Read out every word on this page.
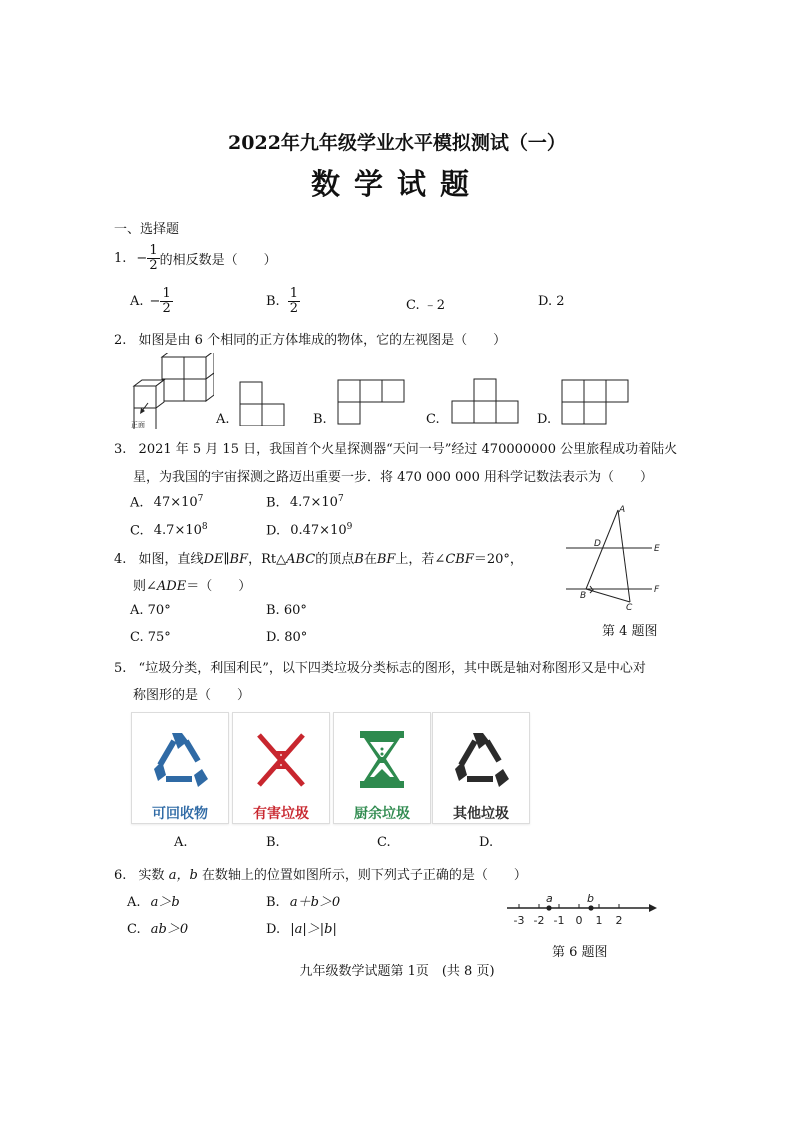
2022年九年级学业水平模拟测试（一）
数学试题
一、选择题
1. − $\frac{1}{2}$ 的相反数是（　　）
A. − $\frac{1}{2}$	B. $\frac{1}{2}$	C. ﹣2	D. 2
2. 如图是由 6 个相同的正方体堆成的物体，它的左视图是（　　）
正面	A.	B.	C.	D.
3. 2021 年 5 月 15 日，我国首个火星探测器“天问一号”经过 470000000 公里旅程成功着陆火
星，为我国的宇宙探测之路迈出重要一步．将 470 000 000 用科学记数法表示为（　　）
A. $47\times 10^7$	B. $4.7\times 10^7$
C. $4.7\times 10^8$	D. $0.47\times 10^9$
4. 如图，直线DE∥BF，Rt△ABC的顶点B在BF上，若∠CBF＝20°，
则∠ADE＝（　　）
A. 70°	B. 60°
C. 75°	D. 80°
A
D	E
F
B
C
第 4 题图
5. “垃圾分类，利国利民”，以下四类垃圾分类标志的图形，其中既是轴对称图形又是中心对
称图形的是（　　）
可回收物	有害垃圾	厨余垃圾	其他垃圾
A.	B.	C.	D.
6. 实数 a，b 在数轴上的位置如图所示，则下列式子正确的是（　　）
A. a＞b	B. a＋b＞0
C. ab＞0	D. |a|＞|b|
a	b
-3 -2 -1 0 1 2
第 6 题图
九年级数学试题第 1页　(共 8 页)
